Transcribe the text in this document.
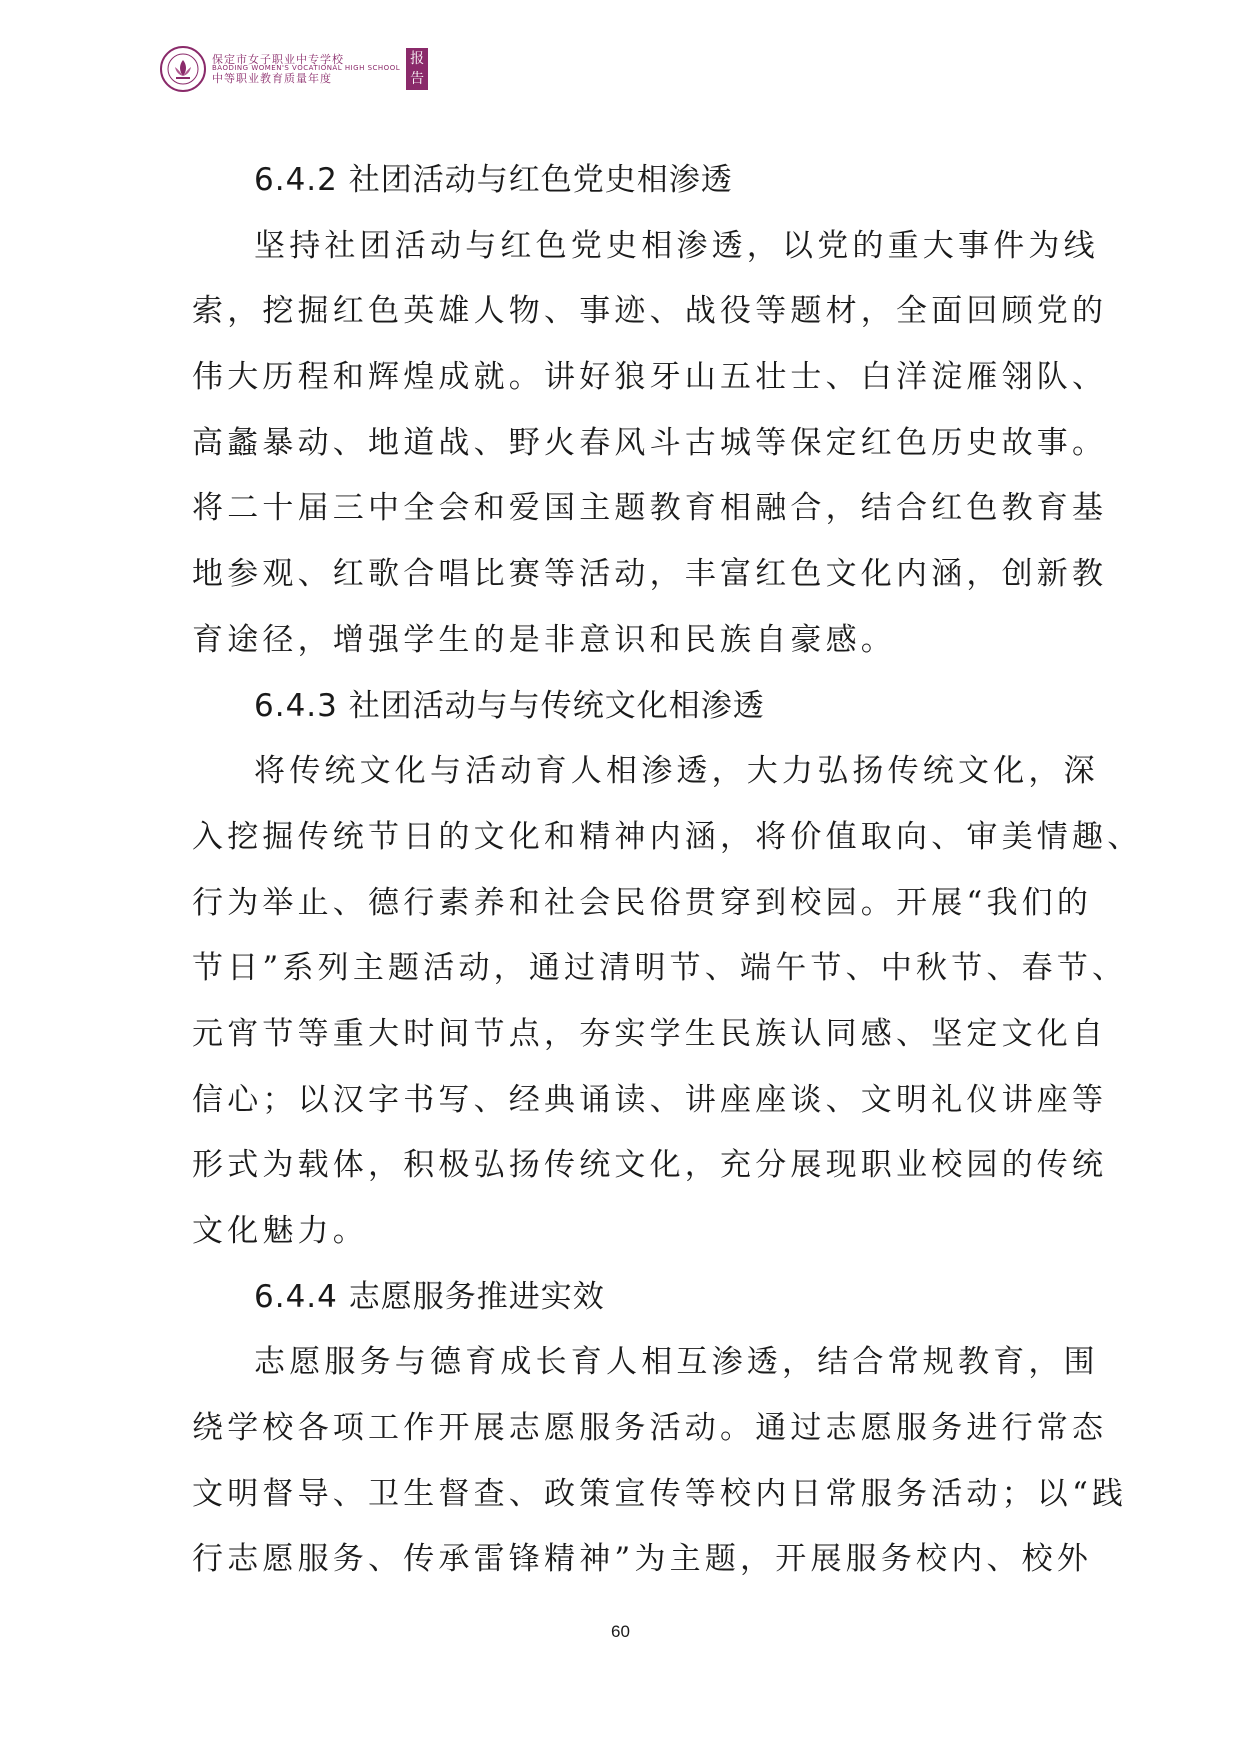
保定市女子职业中专学校
BAODING WOMEN'S VOCATIONAL HIGH SCHOOL
中等职业教育质量年度
报告
6.4.2 社团活动与红色党史相渗透
坚持社团活动与红色党史相渗透，以党的重大事件为线
索，挖掘红色英雄人物、事迹、战役等题材，全面回顾党的
伟大历程和辉煌成就。讲好狼牙山五壮士、白洋淀雁翎队、
高蠡暴动、地道战、野火春风斗古城等保定红色历史故事。
将二十届三中全会和爱国主题教育相融合，结合红色教育基
地参观、红歌合唱比赛等活动，丰富红色文化内涵，创新教
育途径，增强学生的是非意识和民族自豪感。
6.4.3 社团活动与与传统文化相渗透
将传统文化与活动育人相渗透，大力弘扬传统文化，深
入挖掘传统节日的文化和精神内涵，将价值取向、审美情趣、
行为举止、德行素养和社会民俗贯穿到校园。开展“我们的
节日”系列主题活动，通过清明节、端午节、中秋节、春节、
元宵节等重大时间节点，夯实学生民族认同感、坚定文化自
信心；以汉字书写、经典诵读、讲座座谈、文明礼仪讲座等
形式为载体，积极弘扬传统文化，充分展现职业校园的传统
文化魅力。
6.4.4 志愿服务推进实效
志愿服务与德育成长育人相互渗透，结合常规教育，围
绕学校各项工作开展志愿服务活动。通过志愿服务进行常态
文明督导、卫生督查、政策宣传等校内日常服务活动；以“践
行志愿服务、传承雷锋精神”为主题，开展服务校内、校外
60
